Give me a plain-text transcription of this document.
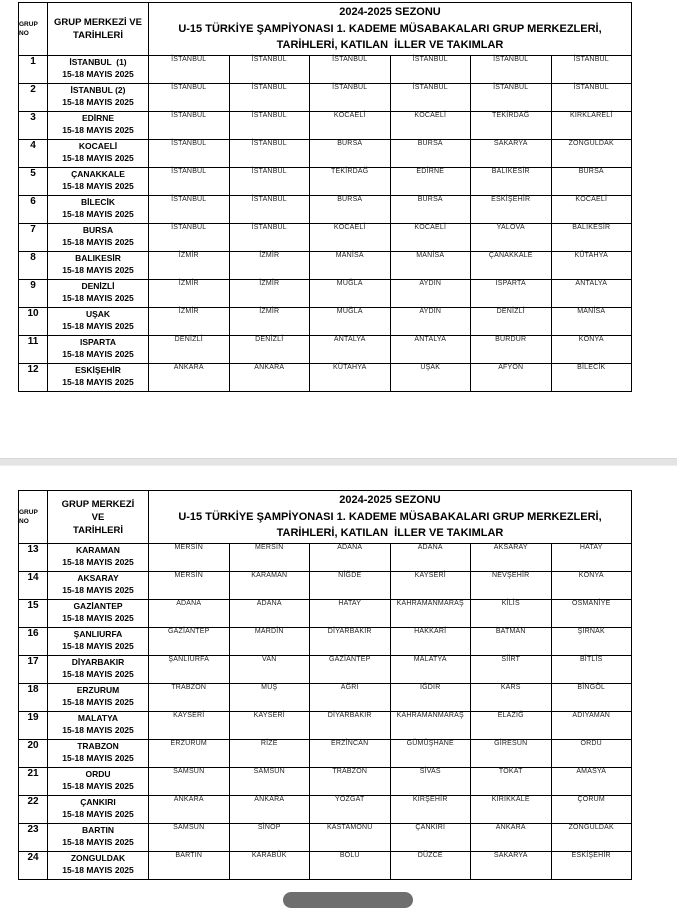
GRUP
NO

GRUP MERKEZİ VE
TARİHLERİ

2024-2025 SEZONU
U-15 TÜRKİYE ŞAMPİYONASI 1. KADEME MÜSABAKALARI GRUP MERKEZLERİ,
TARİHLERİ, KATILAN  İLLER VE TAKIMLAR

1	İSTANBUL  (1)
15-18 MAYIS 2025	İSTANBUL	İSTANBUL	İSTANBUL	İSTANBUL	İSTANBUL	İSTANBUL
2	İSTANBUL (2)
15-18 MAYIS 2025	İSTANBUL	İSTANBUL	İSTANBUL	İSTANBUL	İSTANBUL	İSTANBUL
3	EDİRNE
15-18 MAYIS 2025	İSTANBUL	İSTANBUL	KOCAELİ	KOCAELİ	TEKİRDAĞ	KIRKLARELİ
4	KOCAELİ
15-18 MAYIS 2025	İSTANBUL	İSTANBUL	BURSA	BURSA	SAKARYA	ZONGULDAK
5	ÇANAKKALE
15-18 MAYIS 2025	İSTANBUL	İSTANBUL	TEKİRDAĞ	EDİRNE	BALIKESİR	BURSA
6	BİLECİK
15-18 MAYIS 2025	İSTANBUL	İSTANBUL	BURSA	BURSA	ESKİŞEHİR	KOCAELİ
7	BURSA
15-18 MAYIS 2025	İSTANBUL	İSTANBUL	KOCAELİ	KOCAELİ	YALOVA	BALIKESİR
8	BALIKESİR
15-18 MAYIS 2025	İZMİR	İZMİR	MANİSA	MANİSA	ÇANAKKALE	KÜTAHYA
9	DENİZLİ
15-18 MAYIS 2025	İZMİR	İZMİR	MUĞLA	AYDIN	ISPARTA	ANTALYA
10	UŞAK
15-18 MAYIS 2025	İZMİR	İZMİR	MUĞLA	AYDIN	DENİZLİ	MANİSA
11	ISPARTA
15-18 MAYIS 2025	DENİZLİ	DENİZLİ	ANTALYA	ANTALYA	BURDUR	KONYA
12	ESKİŞEHİR
15-18 MAYIS 2025	ANKARA	ANKARA	KÜTAHYA	UŞAK	AFYON	BİLECİK
GRUP
NO

GRUP MERKEZİ
VE
TARİHLERİ

2024-2025 SEZONU
U-15 TÜRKİYE ŞAMPİYONASI 1. KADEME MÜSABAKALARI GRUP MERKEZLERİ,
TARİHLERİ, KATILAN  İLLER VE TAKIMLAR

13	KARAMAN
15-18 MAYIS 2025	MERSİN	MERSİN	ADANA	ADANA	AKSARAY	HATAY
14	AKSARAY
15-18 MAYIS 2025	MERSİN	KARAMAN	NİĞDE	KAYSERİ	NEVŞEHİR	KONYA
15	GAZİANTEP
15-18 MAYIS 2025	ADANA	ADANA	HATAY	KAHRAMANMARAŞ	KİLİS	OSMANİYE
16	ŞANLIURFA
15-18 MAYIS 2025	GAZİANTEP	MARDİN	DİYARBAKIR	HAKKARİ	BATMAN	ŞIRNAK
17	DİYARBAKIR
15-18 MAYIS 2025	ŞANLIURFA	VAN	GAZİANTEP	MALATYA	SİİRT	BİTLİS
18	ERZURUM
15-18 MAYIS 2025	TRABZON	MUŞ	AĞRI	IĞDIR	KARS	BİNGÖL
19	MALATYA
15-18 MAYIS 2025	KAYSERİ	KAYSERİ	DİYARBAKIR	KAHRAMANMARAŞ	ELAZIĞ	ADIYAMAN
20	TRABZON
15-18 MAYIS 2025	ERZURUM	RİZE	ERZİNCAN	GÜMÜŞHANE	GİRESUN	ORDU
21	ORDU
15-18 MAYIS 2025	SAMSUN	SAMSUN	TRABZON	SİVAS	TOKAT	AMASYA
22	ÇANKIRI
15-18 MAYIS 2025	ANKARA	ANKARA	YOZGAT	KIRŞEHİR	KIRIKKALE	ÇORUM
23	BARTIN
15-18 MAYIS 2025	SAMSUN	SİNOP	KASTAMONU	ÇANKIRI	ANKARA	ZONGULDAK
24	ZONGULDAK
15-18 MAYIS 2025	BARTIN	KARABÜK	BOLU	DÜZCE	SAKARYA	ESKİŞEHİR
